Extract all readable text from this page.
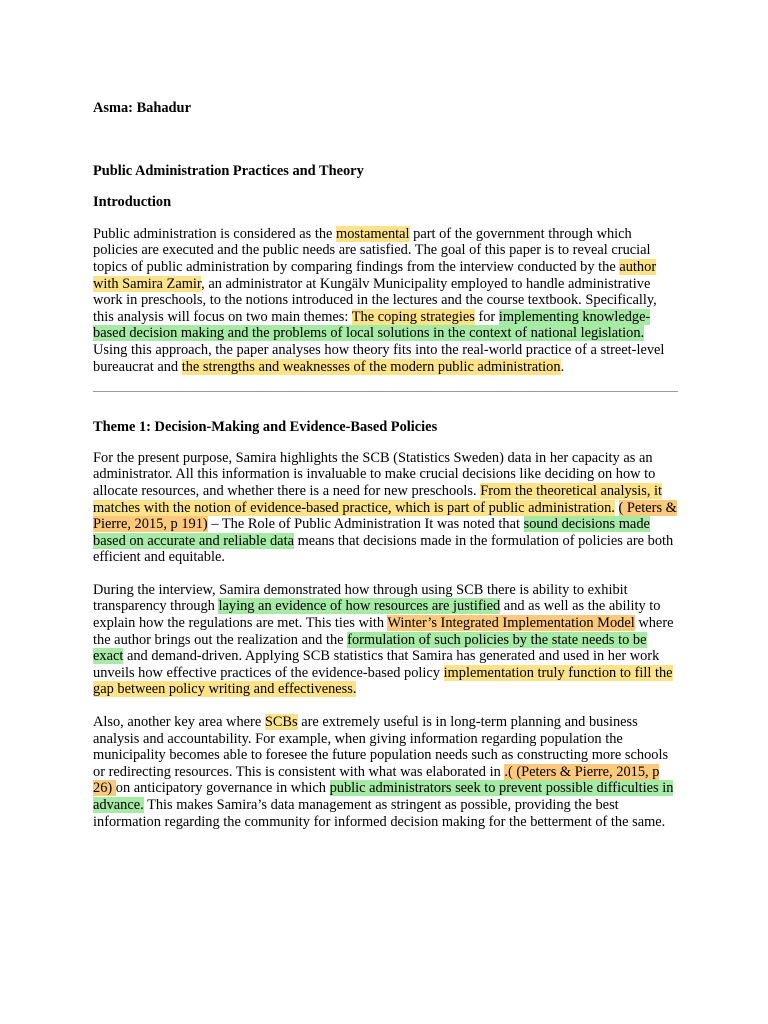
Asma: Bahadur
Public Administration Practices and Theory
Introduction

Public administration is considered as the mostamental part of the government through which policies are executed and the public needs are satisfied. The goal of this paper is to reveal crucial topics of public administration by comparing findings from the interview conducted by the author with Samira Zamir, an administrator at Kungälv Municipality employed to handle administrative work in preschools, to the notions introduced in the lectures and the course textbook. Specifically, this analysis will focus on two main themes: The coping strategies for implementing knowledge-based decision making and the problems of local solutions in the context of national legislation. Using this approach, the paper analyses how theory fits into the real-world practice of a street-level bureaucrat and the strengths and weaknesses of the modern public administration.

Theme 1: Decision-Making and Evidence-Based Policies

For the present purpose, Samira highlights the SCB (Statistics Sweden) data in her capacity as an administrator. All this information is invaluable to make crucial decisions like deciding on how to allocate resources, and whether there is a need for new preschools. From the theoretical analysis, it matches with the notion of evidence-based practice, which is part of public administration. ( Peters & Pierre, 2015, p 191) – The Role of Public Administration It was noted that sound decisions made based on accurate and reliable data means that decisions made in the formulation of policies are both efficient and equitable.

During the interview, Samira demonstrated how through using SCB there is ability to exhibit transparency through laying an evidence of how resources are justified and as well as the ability to explain how the regulations are met. This ties with Winter’s Integrated Implementation Model where the author brings out the realization and the formulation of such policies by the state needs to be exact and demand-driven. Applying SCB statistics that Samira has generated and used in her work unveils how effective practices of the evidence-based policy implementation truly function to fill the gap between policy writing and effectiveness.

Also, another key area where SCBs are extremely useful is in long-term planning and business analysis and accountability. For example, when giving information regarding population the municipality becomes able to foresee the future population needs such as constructing more schools or redirecting resources. This is consistent with what was elaborated in .( (Peters & Pierre, 2015, p 26) on anticipatory governance in which public administrators seek to prevent possible difficulties in advance. This makes Samira’s data management as stringent as possible, providing the best information regarding the community for informed decision making for the betterment of the same.
